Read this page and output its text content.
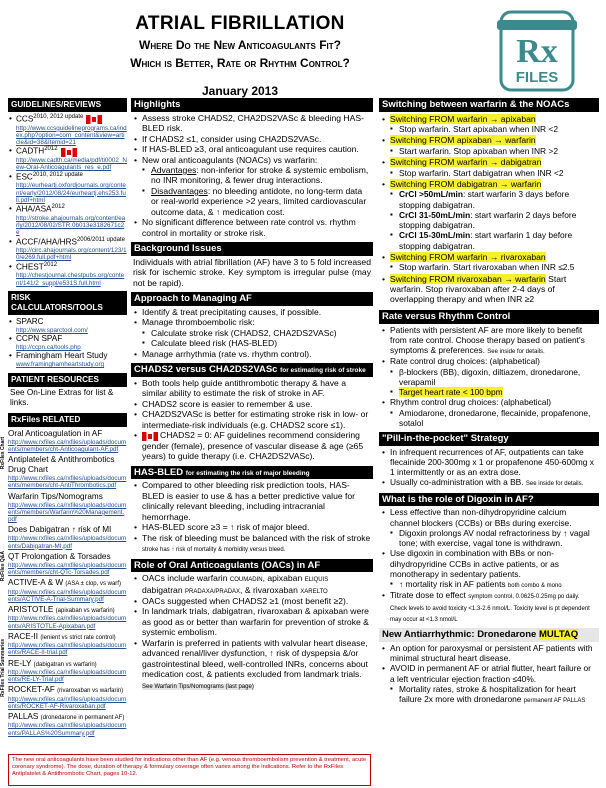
ATRIAL FIBRILLATION
Where Do the New Anticoagulants Fit?
Which is Better, Rate or Rhythm Control?
January 2013
Rx
FILES
GUIDELINES/REVIEWS
• $CCS^{2010, 2012 update}$
http://www.ccsguidelineprograms.ca/index.php?option=com_content&view=article&id=38&Itemid=21
• $CADTH^{2012}$
http://www.cadth.ca/media/pdf/ti0002_New-Oral-Anticoagulants_res_e.pdf
• $ESC^{2010, 2012 update}$
http://eurheartj.oxfordjournals.org/content/early/2012/08/24/eurheartj.ehs253.full.pdf+html
• AHA/$ASA^{2012}$
http://stroke.ahajournals.org/content/early/2012/08/02/STR.0b013e3182671c2e
• ACCF/$AHA/HRS^{2006/2011 update}$
http://circ.ahajournals.org/content/123/10/e269.full.pdf+html
• $CHEST^{2012}$
http://chestjournal.chestpubs.org/content/141/2_suppl/e531S.full.html
RISK CALCULATORS/TOOLS
• SPARC
http://www.sparctool.com/
• CCPN SPAF
http://ccpn.ca/tools.php
• Framingham Heart Study
www.framinghamheartstudy.org
PATIENT RESOURCES
See On-Line Extras for list & links.
RxFiles RELATED
RxFiles Chart
RxFiles Q&A
RxFiles Trial Summaries
Oral Anticoagulation in AF
http://www.rxfiles.ca/rxfiles/uploads/documents/members/cht-Anticoagulant-AF.pdf
Antiplatelet & Antithrombotics Drug Chart
http://www.rxfiles.ca/rxfiles/uploads/documents/members/cht-AntiThrombotics.pdf
Warfarin Tips/Nomograms
http://www.rxfiles.ca/rxfiles/uploads/documents/members/Warfarin%20Management.pdf
Does Dabigatran ↑ risk of MI
http://www.rxfiles.ca/rxfiles/uploads/documents/Dabigatran-MI.pdf
QT Prolongation & Torsades
http://www.rxfiles.ca/rxfiles/uploads/documents/members/cht-QTc-Torsades.pdf
ACTIVE-A & W (ASA ± clop, vs warf)
http://www.rxfiles.ca/rxfiles/uploads/documents/ACTIVE-A-Trial-Summary.pdf
ARISTOTLE (apixaban vs warfarin)
http://www.rxfiles.ca/rxfiles/uploads/documents/ARISTOTLE-Apixaban.pdf
RACE-II (lenient vs strict rate control)
http://www.rxfiles.ca/rxfiles/uploads/documents/RACE-II-trial.pdf
RE-LY (dabigatran vs warfarin)
http://www.rxfiles.ca/rxfiles/uploads/documents/RE-LY-Trial.pdf
ROCKET-AF (rivaroxaban vs warfarin)
http://www.rxfiles.ca/rxfiles/uploads/documents/ROCKET-AF-Rivaroxaban.pdf
PALLAS (dronedarone in permanent AF)
http://www.rxfiles.ca/rxfiles/uploads/documents/PALLAS%20Summary.pdf
Highlights
• Assess stroke CHADS2, CHA2DS2VASc & bleeding HAS-BLED risk.
• If CHADS2 ≤1, consider using CHA2DS2VASc.
• If HAS-BLED ≥3, oral anticoagulant use requires caution.
• New oral anticoagulants (NOACs) vs warfarin:
▪ Advantages: non-inferior for stroke & systemic embolism, no INR monitoring, & fewer drug interactions.
▪ Disadvantages: no bleeding antidote, no long-term data or real-world experience >2 years, limited cardiovascular outcome data, & ↑ medication cost.
• No significant difference between rate control vs. rhythm control in mortality or stroke risk.
Background Issues
Individuals with atrial fibrillation (AF) have 3 to 5 fold increased risk for ischemic stroke. Key symptom is irregular pulse (may not be rapid).
Approach to Managing AF
• Identify & treat precipitating causes, if possible.
• Manage thromboembolic risk:
▪ Calculate stroke risk (CHADS2, CHA2DS2VASc)
▪ Calculate bleed risk (HAS-BLED)
• Manage arrhythmia (rate vs. rhythm control).
CHADS2 versus CHA2DS2VASc for estimating risk of stroke
• Both tools help guide antithrombotic therapy & have a similar ability to estimate the risk of stroke in AF.
• CHADS2 score is easier to remember & use.
• CHA2DS2VASc is better for estimating stroke risk in low- or intermediate-risk individuals (e.g. CHADS2 score ≤1).
• CHADS2 = 0: AF guidelines recommend considering gender (female), presence of vascular disease & age (≥65 years) to guide therapy (i.e. CHA2DS2VASc).
HAS-BLED for estimating the risk of major bleeding
• Compared to other bleeding risk prediction tools, HAS-BLED is easier to use & has a better predictive value for clinically relevant bleeding, including intracranial hemorrhage.
• HAS-BLED score ≥3 = ↑ risk of major bleed.
• The risk of bleeding must be balanced with the risk of stroke stroke has ↑ risk of mortality & morbidity versus bleed.
Role of Oral Anticoagulants (OACs) in AF
• OACs include warfarin COUMADIN, apixaban ELIQUIS dabigatran PRADAXA/PRADAX, & rivaroxaban XARELTO
• OACs suggested when CHADS2 ≥1 (most benefit ≥2).
• In landmark trials, dabigatran, rivaroxaban & apixaban were as good as or better than warfarin for prevention of stroke & systemic embolism.
• Warfarin is preferred in patients with valvular heart disease, advanced renal/liver dysfunction, ↑ risk of dyspepsia &/or gastrointestinal bleed, well-controlled INRs, concerns about medication cost, & patients excluded from landmark trials. See Warfarin Tips/Nomograms (last page)
The new oral anticoagulants have been studied for indications other than AF (e.g. venous thromboembolism prevention & treatment, acute coronary syndrome). The dose, duration of therapy & formulary coverage often varies among the indications. Refer to the RxFiles Antiplatelet & Antithrombotic Chart, pages 10-12.
Switching between warfarin & the NOACs
• Switching FROM warfarin → apixaban
▪ Stop warfarin. Start apixaban when INR <2
• Switching FROM apixaban → warfarin
▪ Start warfarin. Stop apixaban when INR >2
• Switching FROM warfarin → dabigatran
▪ Stop warfarin. Start dabigatran when INR <2
• Switching FROM dabigatran → warfarin
▪ CrCl >50mL/min: start warfarin 3 days before stopping dabigatran.
▪ CrCl 31-50mL/min: start warfarin 2 days before stopping dabigatran.
▪ CrCl 15-30mL/min: start warfarin 1 day before stopping dabigatran.
• Switching FROM warfarin → rivaroxaban
▪ Stop warfarin. Start rivaroxaban when INR ≤2.5
• Switching FROM rivaroxaban → warfarin Start warfarin. Stop rivaroxaban after 2-4 days of overlapping therapy and when INR ≥2
Rate versus Rhythm Control
• Patients with persistent AF are more likely to benefit from rate control. Choose therapy based on patient's symptoms & preferences. See inside for details.
• Rate control drug choices: (alphabetical)
▪ β-blockers (BB), digoxin, diltiazem, dronedarone, verapamil
▪ Target heart rate < 100 bpm
• Rhythm control drug choices: (alphabetical)
▪ Amiodarone, dronedarone, flecainide, propafenone, sotalol
"Pill-in-the-pocket" Strategy
• In infrequent recurrences of AF, outpatients can take flecainide 200-300mg x 1 or propafenone 450-600mg x 1 intermittently or as an extra dose.
• Usually co-administration with a BB. See inside for details.
What is the role of Digoxin in AF?
• Less effective than non-dihydropyridine calcium channel blockers (CCBs) or BBs during exercise.
▪ Digoxin prolongs AV nodal refractoriness by ↑ vagal tone; with exercise, vagal tone is withdrawn.
• Use digoxin in combination with BBs or non-dihydropyridine CCBs in active patients, or as monotherapy in sedentary patients.
▪ ↑ mortality risk in AF patients both combo & mono
• Titrate dose to effect symptom control, 0.0625-0.25mg po daily. Check levels to avoid toxicity <1.3-2.6 nmol/L. Toxicity level is pt dependent may occur at <1.3 nmol/L
New Antiarrhythmic: Dronedarone MULTAQ
• An option for paroxysmal or persistent AF patients with minimal structural heart disease.
• AVOID in permanent AF or atrial flutter, heart failure or a left ventricular ejection fraction ≤40%.
▪ Mortality rates, stroke & hospitalization for heart failure 2x more with dronedarone permanent AF PALLAS
